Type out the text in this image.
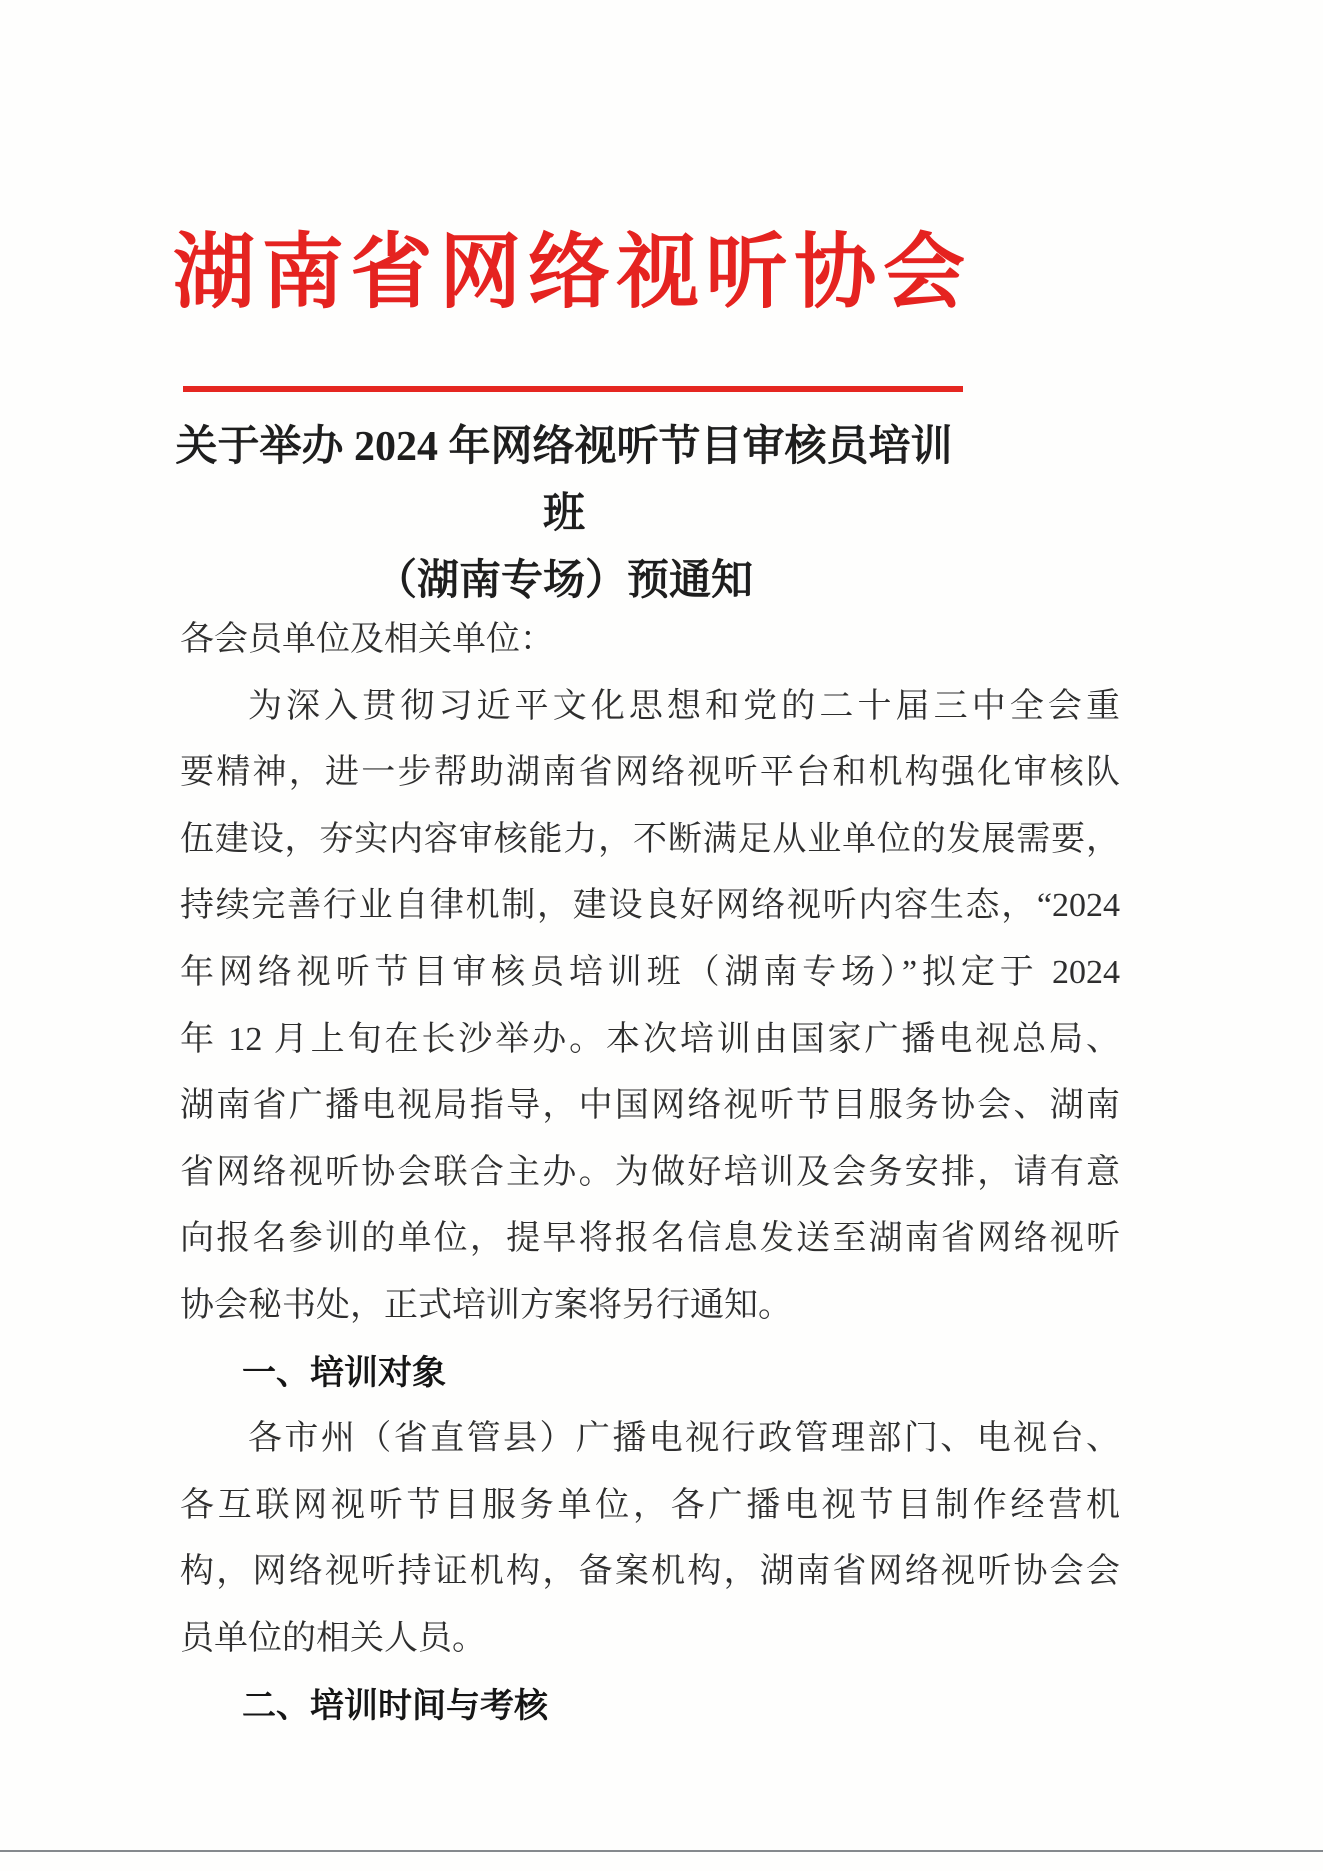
湖南省网络视听协会
关于举办 2024 年网络视听节目审核员培训班
（湖南专场）预通知
各会员单位及相关单位：
为深入贯彻习近平文化思想和党的二十届三中全会重
要精神，进一步帮助湖南省网络视听平台和机构强化审核队
伍建设，夯实内容审核能力，不断满足从业单位的发展需要，
持续完善行业自律机制，建设良好网络视听内容生态，“2024
年网络视听节目审核员培训班（湖南专场）”拟定于 2024
年 12 月上旬在长沙举办。本次培训由国家广播电视总局、
湖南省广播电视局指导，中国网络视听节目服务协会、湖南
省网络视听协会联合主办。为做好培训及会务安排，请有意
向报名参训的单位，提早将报名信息发送至湖南省网络视听
协会秘书处，正式培训方案将另行通知。
一、培训对象
各市州（省直管县）广播电视行政管理部门、电视台、
各互联网视听节目服务单位，各广播电视节目制作经营机
构，网络视听持证机构，备案机构，湖南省网络视听协会会
员单位的相关人员。
二、培训时间与考核
